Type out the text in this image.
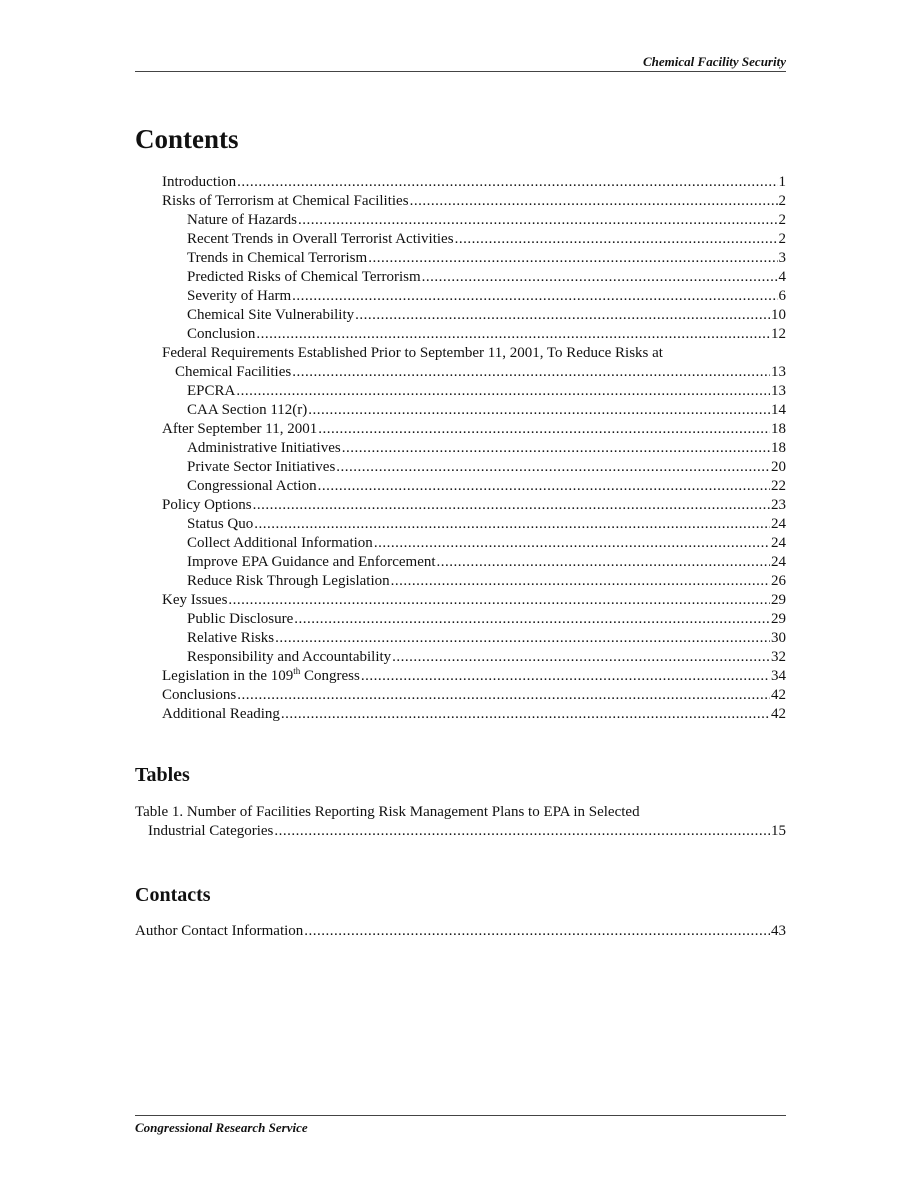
Chemical Facility Security
Contents
Introduction .....	1
Risks of Terrorism at Chemical Facilities .....	2
Nature of Hazards .....	2
Recent Trends in Overall Terrorist Activities .....	2
Trends in Chemical Terrorism .....	3
Predicted Risks of Chemical Terrorism .....	4
Severity of Harm .....	6
Chemical Site Vulnerability .....	10
Conclusion .....	12
Federal Requirements Established Prior to September 11, 2001, To Reduce Risks at
Chemical Facilities .....	13
EPCRA .....	13
CAA Section 112(r) .....	14
After September 11, 2001 .....	18
Administrative Initiatives .....	18
Private Sector Initiatives .....	20
Congressional Action .....	22
Policy Options .....	23
Status Quo .....	24
Collect Additional Information .....	24
Improve EPA Guidance and Enforcement .....	24
Reduce Risk Through Legislation .....	26
Key Issues .....	29
Public Disclosure .....	29
Relative Risks .....	30
Responsibility and Accountability .....	32
Legislation in the 109th Congress .....	34
Conclusions .....	42
Additional Reading .....	42
Tables
Table 1. Number of Facilities Reporting Risk Management Plans to EPA in Selected
Industrial Categories .....	15
Contacts
Author Contact Information .....	43
Congressional Research Service
